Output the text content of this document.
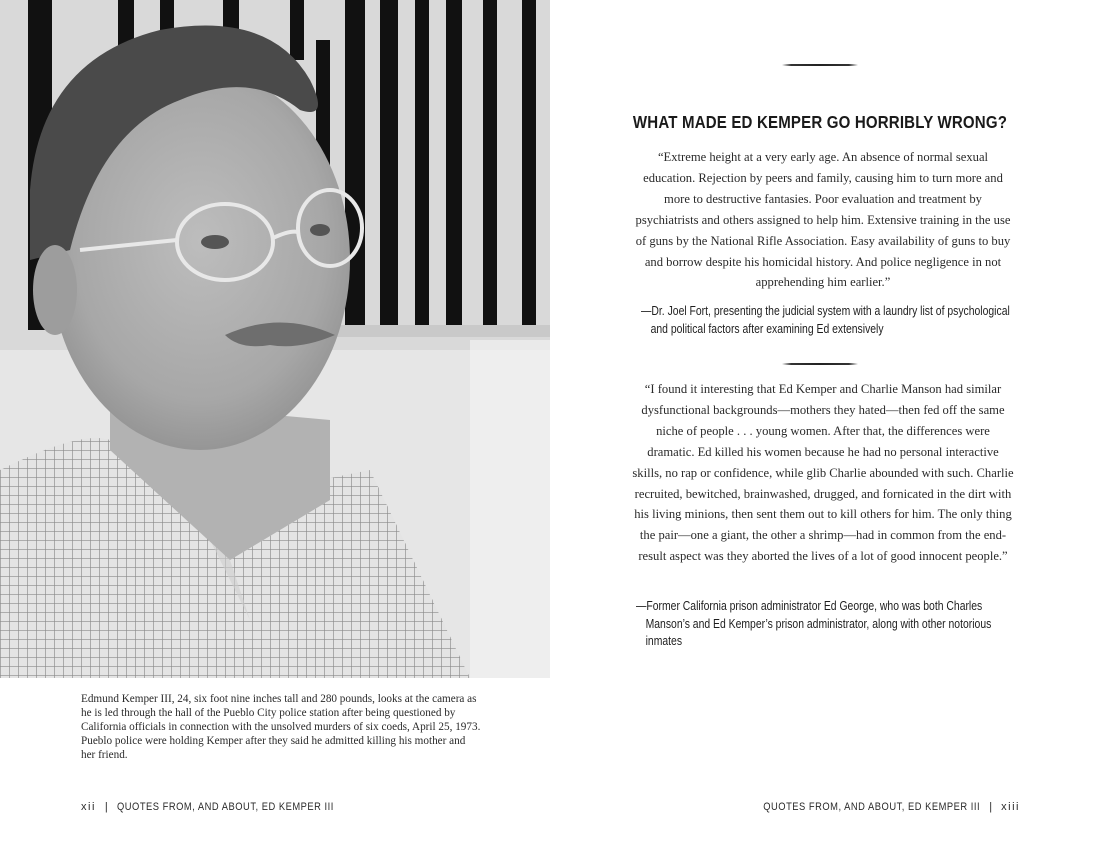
Edmund Kemper III, 24, six foot nine inches tall and 280 pounds, looks at the camera as he is led through the hall of the Pueblo City police station after being questioned by California officials in connection with the unsolved murders of six coeds, April 25, 1973. Pueblo police were holding Kemper after they said he admitted killing his mother and her friend.
xii | QUOTES FROM, AND ABOUT, ED KEMPER III
WHAT MADE ED KEMPER GO HORRIBLY WRONG?
“Extreme height at a very early age. An absence of normal sexual education. Rejection by peers and family, causing him to turn more and more to destructive fantasies. Poor evaluation and treatment by psychiatrists and others assigned to help him. Extensive training in the use of guns by the National Rifle Association. Easy availability of guns to buy and borrow despite his homicidal history. And police negligence in not apprehending him earlier.”
—Dr. Joel Fort, presenting the judicial system with a laundry list of psychological and political factors after examining Ed extensively
“I found it interesting that Ed Kemper and Charlie Manson had similar dysfunctional backgrounds—mothers they hated—then fed off the same niche of people . . . young women. After that, the differences were dramatic. Ed killed his women because he had no personal interactive skills, no rap or confidence, while glib Charlie abounded with such. Charlie recruited, bewitched, brainwashed, drugged, and fornicated in the dirt with his living minions, then sent them out to kill others for him. The only thing the pair—one a giant, the other a shrimp—had in common from the end-result aspect was they aborted the lives of a lot of good innocent people.”
—Former California prison administrator Ed George, who was both Charles Manson’s and Ed Kemper’s prison administrator, along with other notorious inmates
QUOTES FROM, AND ABOUT, ED KEMPER III | xiii
